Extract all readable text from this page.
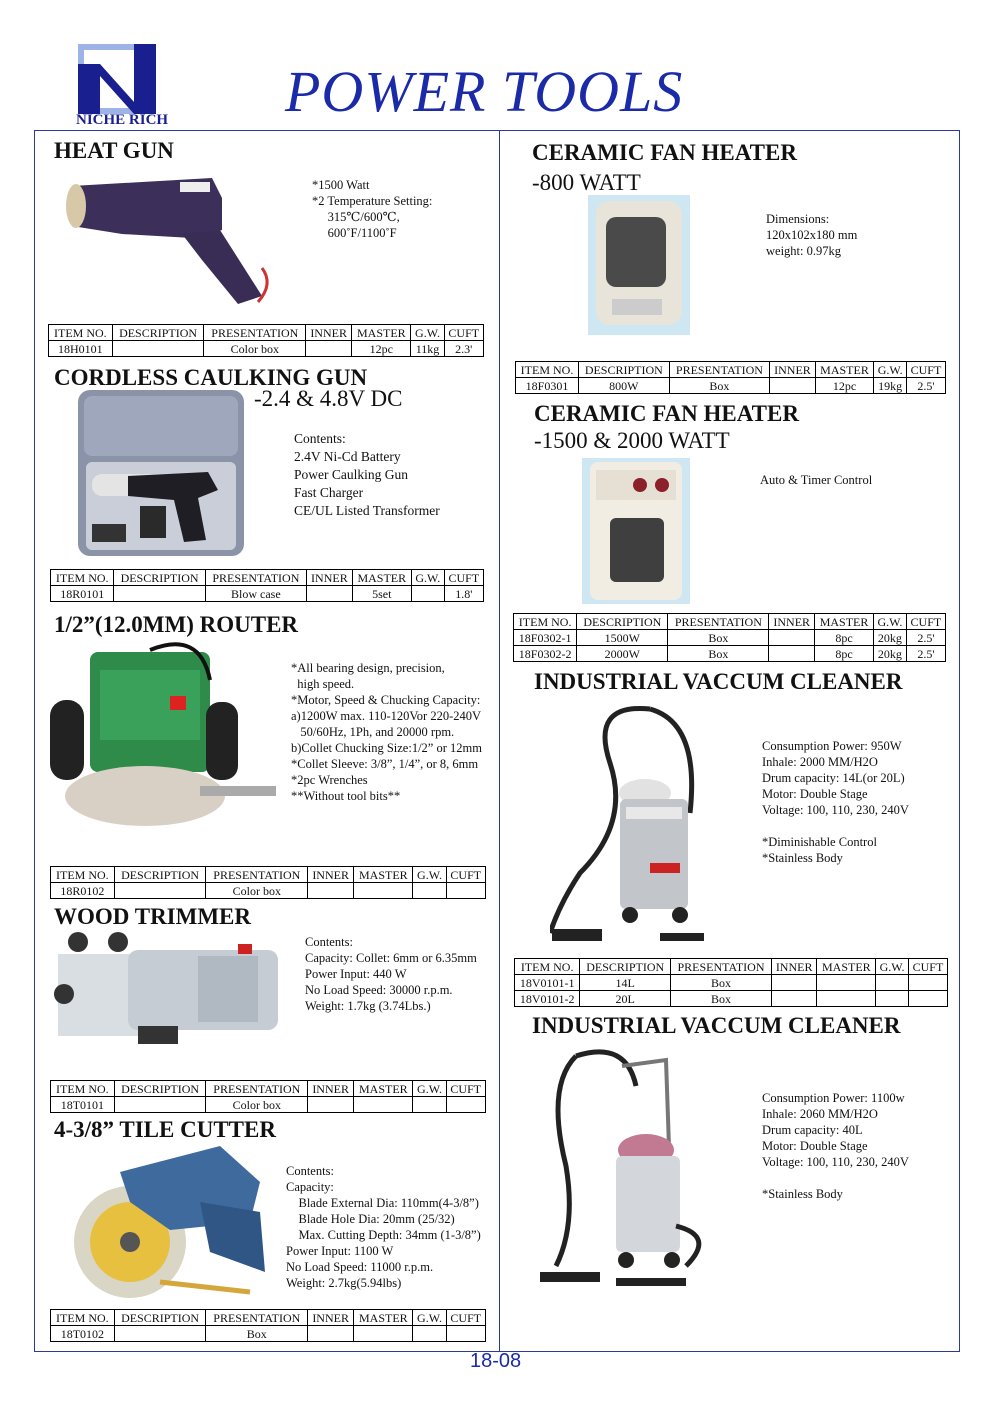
NICHE RICH POWER TOOLS
HEAT GUN
*1500 Watt
*2 Temperature Setting:
315℃/600℃,
600˚F/1100˚F
ITEM NO.	DESCRIPTION	PRESENTATION	INNER	MASTER	G.W.	CUFT
18H0101		Color box		12pc	11kg	2.3'
CORDLESS CAULKING GUN
-2.4 & 4.8V DC
Contents:
2.4V Ni-Cd Battery
Power Caulking Gun
Fast Charger
CE/UL Listed Transformer
ITEM NO.	DESCRIPTION	PRESENTATION	INNER	MASTER	G.W.	CUFT
18R0101		Blow case		5set		1.8'
1/2”(12.0MM) ROUTER
*All bearing design, precision,
high speed.
*Motor, Speed & Chucking Capacity:
a)1200W max. 110-120Vor 220-240V
50/60Hz, 1Ph, and 20000 rpm.
b)Collet Chucking Size:1/2” or 12mm
*Collet Sleeve: 3/8”, 1/4”, or 8, 6mm
*2pc Wrenches
**Without tool bits**
ITEM NO.	DESCRIPTION	PRESENTATION	INNER	MASTER	G.W.	CUFT
18R0102		Color box				
WOOD TRIMMER
Contents:
Capacity: Collet: 6mm or 6.35mm
Power Input: 440 W
No Load Speed: 30000 r.p.m.
Weight: 1.7kg (3.74Lbs.)
ITEM NO.	DESCRIPTION	PRESENTATION	INNER	MASTER	G.W.	CUFT
18T0101		Color box				
4-3/8” TILE CUTTER
Contents:
Capacity:
Blade External Dia: 110mm(4-3/8”)
Blade Hole Dia: 20mm (25/32)
Max. Cutting Depth: 34mm (1-3/8”)
Power Input: 1100 W
No Load Speed: 11000 r.p.m.
Weight: 2.7kg(5.94lbs)
ITEM NO.	DESCRIPTION	PRESENTATION	INNER	MASTER	G.W.	CUFT
18T0102		Box				
CERAMIC FAN HEATER
-800 WATT
Dimensions:
120x102x180 mm
weight: 0.97kg
ITEM NO.	DESCRIPTION	PRESENTATION	INNER	MASTER	G.W.	CUFT
18F0301	800W	Box		12pc	19kg	2.5'
CERAMIC FAN HEATER
-1500 & 2000 WATT
Auto & Timer Control
ITEM NO.	DESCRIPTION	PRESENTATION	INNER	MASTER	G.W.	CUFT
18F0302-1	1500W	Box		8pc	20kg	2.5'
18F0302-2	2000W	Box		8pc	20kg	2.5'
INDUSTRIAL VACCUM CLEANER
Consumption Power: 950W
Inhale: 2000 MM/H2O
Drum capacity: 14L(or 20L)
Motor: Double Stage
Voltage: 100, 110, 230, 240V

*Diminishable Control
*Stainless Body
ITEM NO.	DESCRIPTION	PRESENTATION	INNER	MASTER	G.W.	CUFT
18V0101-1	14L	Box				
18V0101-2	20L	Box				
INDUSTRIAL VACCUM CLEANER
Consumption Power: 1100w
Inhale: 2060 MM/H2O
Drum capacity: 40L
Motor: Double Stage
Voltage: 100, 110, 230, 240V

*Stainless Body
18-08
